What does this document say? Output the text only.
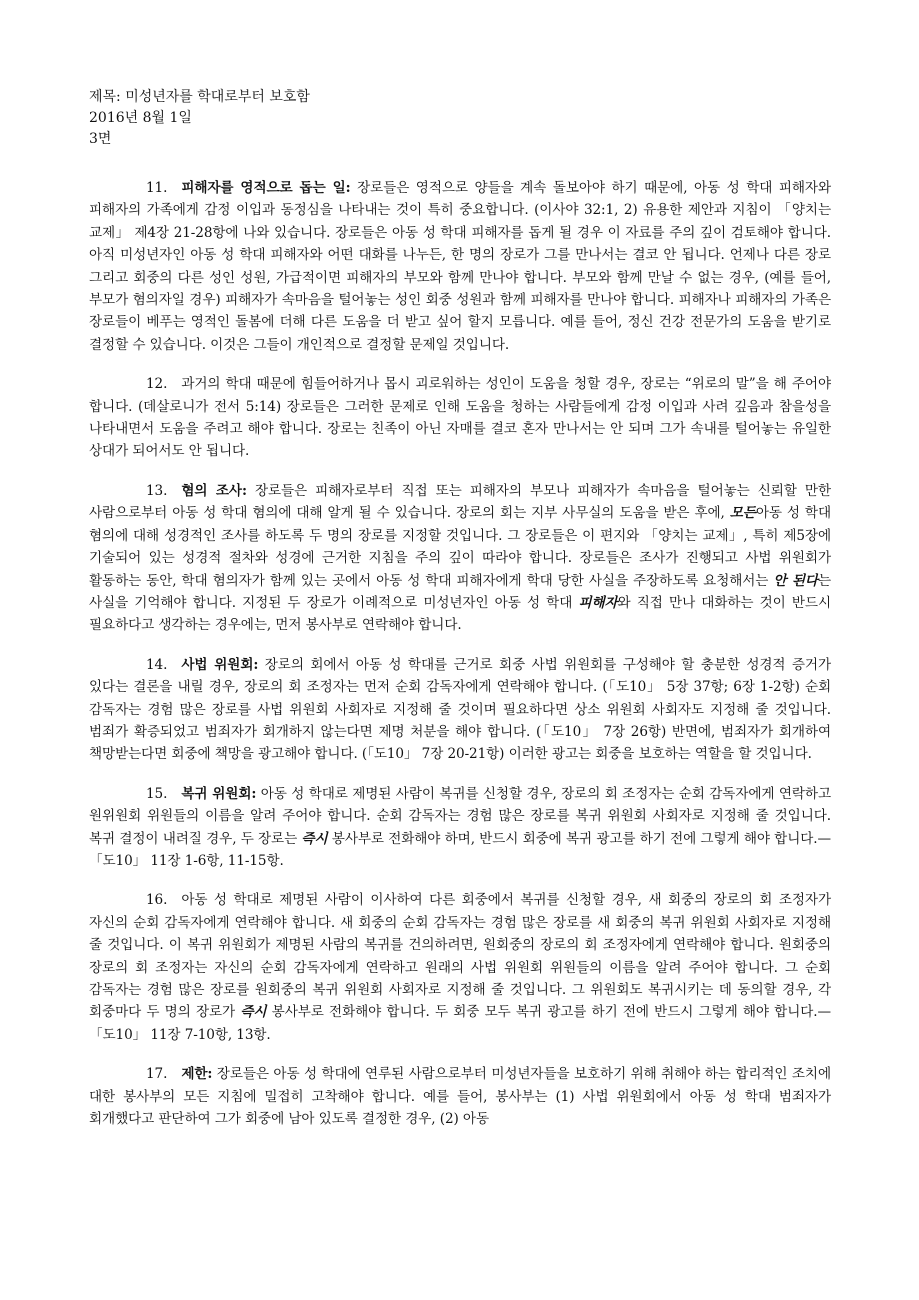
제목: 미성년자를 학대로부터 보호함
2016년 8월 1일
3면

11. 피해자를 영적으로 돕는 일: 장로들은 영적으로 양들을 계속 돌보아야 하기 때문에, 아동 성 학대 피해자와 피해자의 가족에게 감정 이입과 동정심을 나타내는 것이 특히 중요합니다. (이사야 32:1, 2) 유용한 제안과 지침이 「양치는 교제」 제4장 21-28항에 나와 있습니다. 장로들은 아동 성 학대 피해자를 돕게 될 경우 이 자료를 주의 깊이 검토해야 합니다. 아직 미성년자인 아동 성 학대 피해자와 어떤 대화를 나누든, 한 명의 장로가 그를 만나서는 결코 안 됩니다. 언제나 다른 장로 그리고 회중의 다른 성인 성원, 가급적이면 피해자의 부모와 함께 만나야 합니다. 부모와 함께 만날 수 없는 경우, (예를 들어, 부모가 혐의자일 경우) 피해자가 속마음을 털어놓는 성인 회중 성원과 함께 피해자를 만나야 합니다. 피해자나 피해자의 가족은 장로들이 베푸는 영적인 돌봄에 더해 다른 도움을 더 받고 싶어 할지 모릅니다. 예를 들어, 정신 건강 전문가의 도움을 받기로 결정할 수 있습니다. 이것은 그들이 개인적으로 결정할 문제일 것입니다.

12. 과거의 학대 때문에 힘들어하거나 몹시 괴로워하는 성인이 도움을 청할 경우, 장로는 “위로의 말”을 해 주어야 합니다. (데살로니가 전서 5:14) 장로들은 그러한 문제로 인해 도움을 청하는 사람들에게 감정 이입과 사려 깊음과 참을성을 나타내면서 도움을 주려고 해야 합니다. 장로는 친족이 아닌 자매를 결코 혼자 만나서는 안 되며 그가 속내를 털어놓는 유일한 상대가 되어서도 안 됩니다.

13. 혐의 조사: 장로들은 피해자로부터 직접 또는 피해자의 부모나 피해자가 속마음을 털어놓는 신뢰할 만한 사람으로부터 아동 성 학대 혐의에 대해 알게 될 수 있습니다. 장로의 회는 지부 사무실의 도움을 받은 후에, 모든아동 성 학대 혐의에 대해 성경적인 조사를 하도록 두 명의 장로를 지정할 것입니다. 그 장로들은 이 편지와 「양치는 교제」, 특히 제5장에 기술되어 있는 성경적 절차와 성경에 근거한 지침을 주의 깊이 따라야 합니다. 장로들은 조사가 진행되고 사법 위원회가 활동하는 동안, 학대 혐의자가 함께 있는 곳에서 아동 성 학대 피해자에게 학대 당한 사실을 주장하도록 요청해서는 안 된다는 사실을 기억해야 합니다. 지정된 두 장로가 이례적으로 미성년자인 아동 성 학대 피해자와 직접 만나 대화하는 것이 반드시 필요하다고 생각하는 경우에는, 먼저 봉사부로 연락해야 합니다.

14. 사법 위원회: 장로의 회에서 아동 성 학대를 근거로 회중 사법 위원회를 구성해야 할 충분한 성경적 증거가 있다는 결론을 내릴 경우, 장로의 회 조정자는 먼저 순회 감독자에게 연락해야 합니다. (「도10」 5장 37항; 6장 1-2항) 순회 감독자는 경험 많은 장로를 사법 위원회 사회자로 지정해 줄 것이며 필요하다면 상소 위원회 사회자도 지정해 줄 것입니다. 범죄가 확증되었고 범죄자가 회개하지 않는다면 제명 처분을 해야 합니다. (「도10」 7장 26항) 반면에, 범죄자가 회개하여 책망받는다면 회중에 책망을 광고해야 합니다. (「도10」 7장 20-21항) 이러한 광고는 회중을 보호하는 역할을 할 것입니다.

15. 복귀 위원회: 아동 성 학대로 제명된 사람이 복귀를 신청할 경우, 장로의 회 조정자는 순회 감독자에게 연락하고 원위원회 위원들의 이름을 알려 주어야 합니다. 순회 감독자는 경험 많은 장로를 복귀 위원회 사회자로 지정해 줄 것입니다. 복귀 결정이 내려질 경우, 두 장로는 즉시 봉사부로 전화해야 하며, 반드시 회중에 복귀 광고를 하기 전에 그렇게 해야 합니다.—「도10」 11장 1-6항, 11-15항.

16. 아동 성 학대로 제명된 사람이 이사하여 다른 회중에서 복귀를 신청할 경우, 새 회중의 장로의 회 조정자가 자신의 순회 감독자에게 연락해야 합니다. 새 회중의 순회 감독자는 경험 많은 장로를 새 회중의 복귀 위원회 사회자로 지정해 줄 것입니다. 이 복귀 위원회가 제명된 사람의 복귀를 건의하려면, 원회중의 장로의 회 조정자에게 연락해야 합니다. 원회중의 장로의 회 조정자는 자신의 순회 감독자에게 연락하고 원래의 사법 위원회 위원들의 이름을 알려 주어야 합니다. 그 순회 감독자는 경험 많은 장로를 원회중의 복귀 위원회 사회자로 지정해 줄 것입니다. 그 위원회도 복귀시키는 데 동의할 경우, 각 회중마다 두 명의 장로가 즉시 봉사부로 전화해야 합니다. 두 회중 모두 복귀 광고를 하기 전에 반드시 그렇게 해야 합니다.—「도10」 11장 7-10항, 13항.

17. 제한: 장로들은 아동 성 학대에 연루된 사람으로부터 미성년자들을 보호하기 위해 취해야 하는 합리적인 조치에 대한 봉사부의 모든 지침에 밀접히 고착해야 합니다. 예를 들어, 봉사부는 (1) 사법 위원회에서 아동 성 학대 범죄자가 회개했다고 판단하여 그가 회중에 남아 있도록 결정한 경우, (2) 아동
